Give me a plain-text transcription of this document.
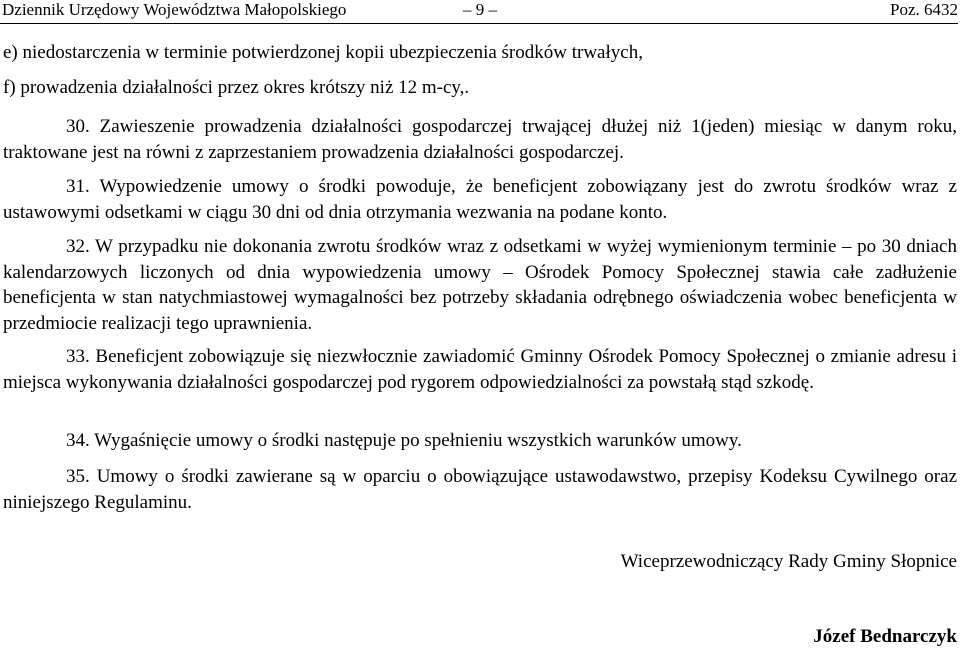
Dziennik Urzędowy Województwa Małopolskiego	– 9 –	Poz. 6432
e) niedostarczenia w terminie potwierdzonej kopii ubezpieczenia środków trwałych,
f) prowadzenia działalności przez okres krótszy niż 12 m-cy,.
30. Zawieszenie prowadzenia działalności gospodarczej trwającej dłużej niż 1(jeden) miesiąc w danym roku, traktowane jest na równi z zaprzestaniem prowadzenia działalności gospodarczej.
31. Wypowiedzenie umowy o środki powoduje, że beneficjent zobowiązany jest do zwrotu środków wraz z ustawowymi odsetkami w ciągu 30 dni od dnia otrzymania wezwania na podane konto.
32. W przypadku nie dokonania zwrotu środków wraz z odsetkami w wyżej wymienionym terminie – po 30 dniach kalendarzowych liczonych od dnia wypowiedzenia umowy – Ośrodek Pomocy Społecznej stawia całe zadłużenie beneficjenta w stan natychmiastowej wymagalności bez potrzeby składania odrębnego oświadczenia wobec beneficjenta w przedmiocie realizacji tego uprawnienia.
33. Beneficjent zobowiązuje się niezwłocznie zawiadomić Gminny Ośrodek Pomocy Społecznej o zmianie adresu i miejsca wykonywania działalności gospodarczej pod rygorem odpowiedzialności za powstałą stąd szkodę.
34. Wygaśnięcie umowy o środki następuje po spełnieniu wszystkich warunków umowy.
35. Umowy o środki zawierane są w oparciu o obowiązujące ustawodawstwo, przepisy Kodeksu Cywilnego oraz niniejszego Regulaminu.
Wiceprzewodniczący Rady Gminy Słopnice
Józef Bednarczyk
